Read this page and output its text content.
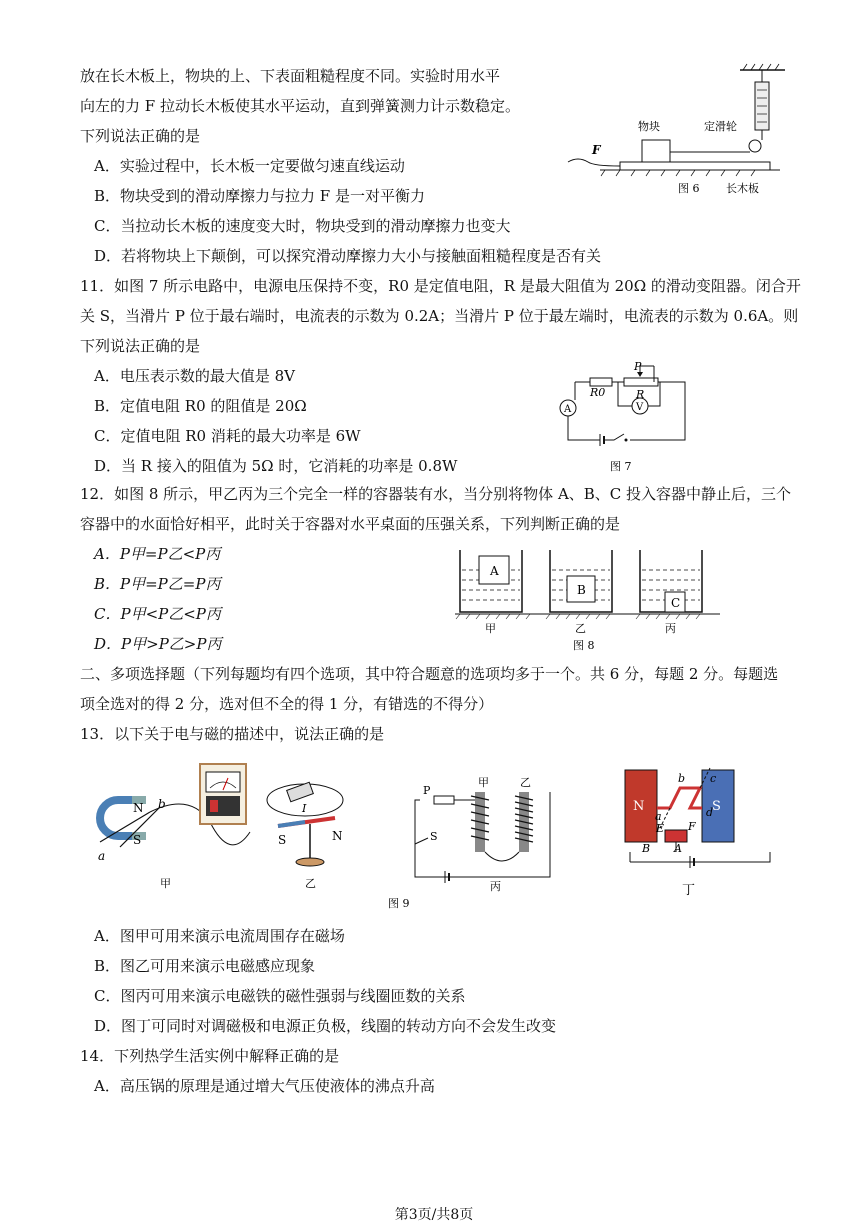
放在长木板上，物块的上、下表面粗糙程度不同。实验时用水平
向左的力 F 拉动长木板使其水平运动，直到弹簧测力计示数稳定。
下列说法正确的是
A．实验过程中，长木板一定要做匀速直线运动
B．物块受到的滑动摩擦力与拉力 F 是一对平衡力
C．当拉动长木板的速度变大时，物块受到的滑动摩擦力也变大
D．若将物块上下颠倒，可以探究滑动摩擦力大小与接触面粗糙程度是否有关
F
物块	定滑轮
长木板
图 6
11．如图 7 所示电路中，电源电压保持不变，R0 是定值电阻，R 是最大阻值为 20Ω 的滑动变阻器。闭合开
关 S，当滑片 P 位于最右端时，电流表的示数为 0.2A；当滑片 P 位于最左端时，电流表的示数为 0.6A。则
下列说法正确的是
A．电压表示数的最大值是 8V
B．定值电阻 R0 的阻值是 20Ω
C．定值电阻 R0 消耗的最大功率是 6W
D．当 R 接入的阻值为 5Ω 时，它消耗的功率是 0.8W
P
R0	R
A	V
图 7
12．如图 8 所示，甲乙丙为三个完全一样的容器装有水，当分别将物体 A、B、C 投入容器中静止后，三个
容器中的水面恰好相平，此时关于容器对水平桌面的压强关系，下列判断正确的是
A．P甲=P乙<P丙
B．P甲=P乙=P丙
C．P甲<P乙<P丙
D．P甲>P乙>P丙
A
B
C
甲	乙	丙
图 8
二、多项选择题（下列每题均有四个选项，其中符合题意的选项均多于一个。共 6 分，每题 2 分。每题选
项全选对的得 2 分，选对但不全的得 1 分，有错选的不得分）
13．以下关于电与磁的描述中，说法正确的是
N
S
a
b
甲
I
S	N
乙
P
S
甲	乙
丙
N	S
a
b c
d
E F
B A
丁
图 9
A．图甲可用来演示电流周围存在磁场
B．图乙可用来演示电磁感应现象
C．图丙可用来演示电磁铁的磁性强弱与线圈匝数的关系
D．图丁可同时对调磁极和电源正负极，线圈的转动方向不会发生改变
14．下列热学生活实例中解释正确的是
A．高压锅的原理是通过增大气压使液体的沸点升高
第3页/共8页
